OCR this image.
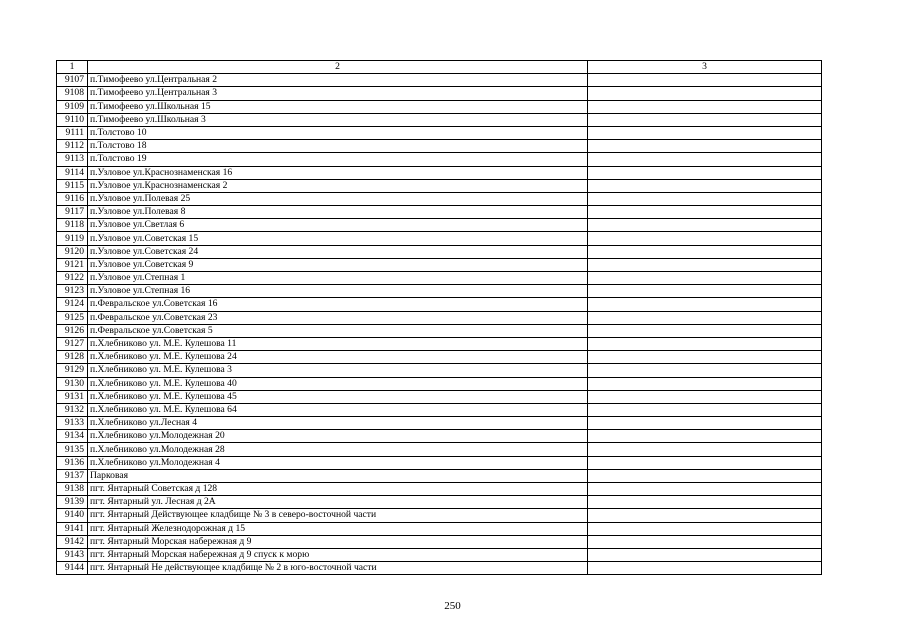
1	2	3
9107	п.Тимофеево ул.Центральная 2	
9108	п.Тимофеево ул.Центральная 3	
9109	п.Тимофеево ул.Школьная 15	
9110	п.Тимофеево ул.Школьная 3	
9111	п.Толстово 10	
9112	п.Толстово 18	
9113	п.Толстово 19	
9114	п.Узловое ул.Краснознаменская 16	
9115	п.Узловое ул.Краснознаменская 2	
9116	п.Узловое ул.Полевая 25	
9117	п.Узловое ул.Полевая 8	
9118	п.Узловое ул.Светлая 6	
9119	п.Узловое ул.Советская 15	
9120	п.Узловое ул.Советская 24	
9121	п.Узловое ул.Советская 9	
9122	п.Узловое ул.Степная 1	
9123	п.Узловое ул.Степная 16	
9124	п.Февральское ул.Советская 16	
9125	п.Февральское ул.Советская 23	
9126	п.Февральское ул.Советская 5	
9127	п.Хлебниково ул. М.Е. Кулешова 11	
9128	п.Хлебниково ул. М.Е. Кулешова 24	
9129	п.Хлебниково ул. М.Е. Кулешова 3	
9130	п.Хлебниково ул. М.Е. Кулешова 40	
9131	п.Хлебниково ул. М.Е. Кулешова 45	
9132	п.Хлебниково ул. М.Е. Кулешова 64	
9133	п.Хлебниково ул.Лесная 4	
9134	п.Хлебниково ул.Молодежная 20	
9135	п.Хлебниково ул.Молодежная 28	
9136	п.Хлебниково ул.Молодежная 4	
9137	Парковая	
9138	пгт. Янтарный Советская д 128	
9139	пгт. Янтарный ул. Лесная д 2А	
9140	пгт. Янтарный Действующее кладбище № 3 в северо-восточной части	
9141	пгт. Янтарный Железнодорожная д 15	
9142	пгт. Янтарный Морская набережная д 9	
9143	пгт. Янтарный Морская набережная д 9 спуск к морю	
9144	пгт. Янтарный Не действующее кладбище № 2 в юго-восточной части	
250
